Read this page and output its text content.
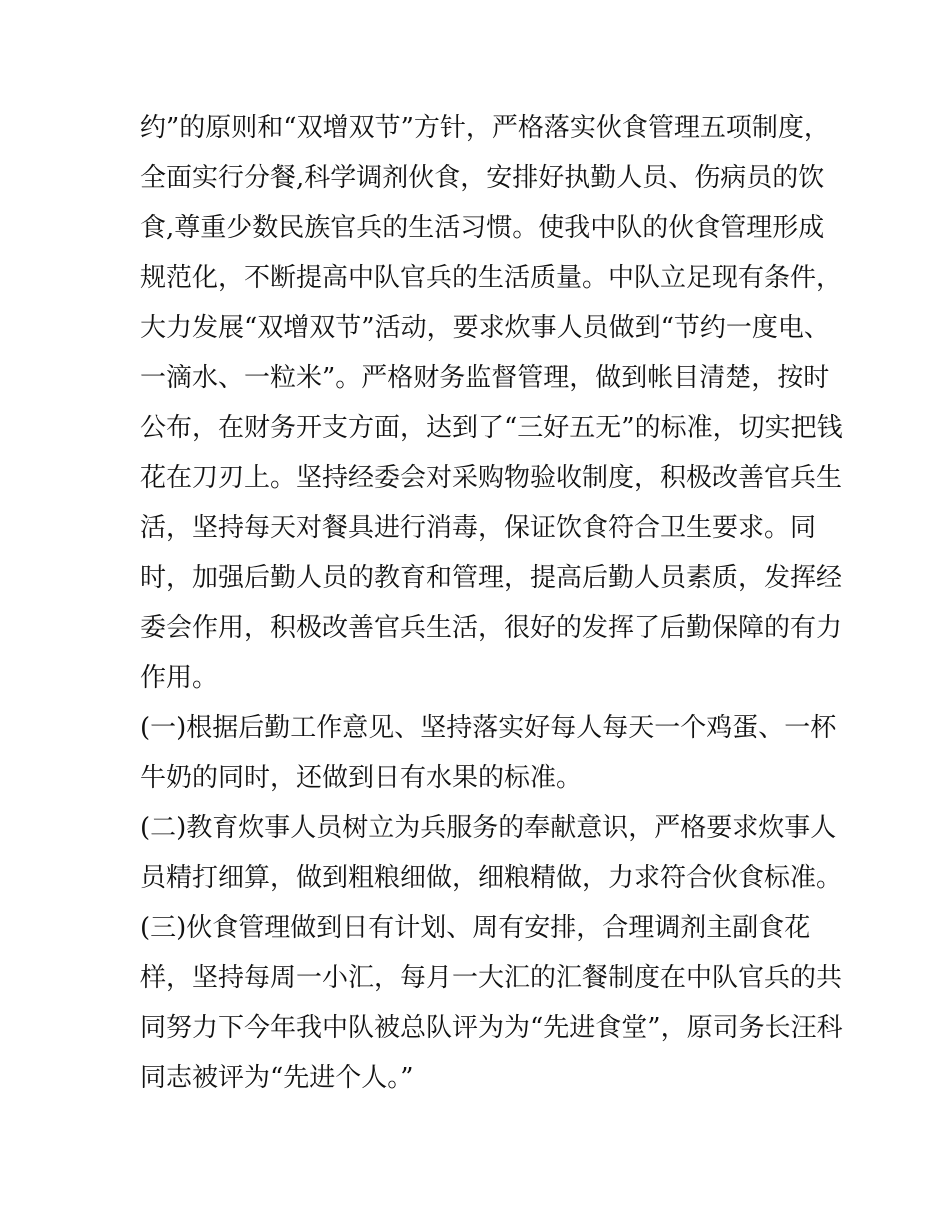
约”的原则和“双增双节”方针，严格落实伙食管理五项制度，
全面实行分餐,科学调剂伙食，安排好执勤人员、伤病员的饮
食,尊重少数民族官兵的生活习惯。使我中队的伙食管理形成
规范化，不断提高中队官兵的生活质量。中队立足现有条件，
大力发展“双增双节”活动，要求炊事人员做到“节约一度电、
一滴水、一粒米”。严格财务监督管理，做到帐目清楚，按时
公布，在财务开支方面，达到了“三好五无”的标准，切实把钱
花在刀刃上。坚持经委会对采购物验收制度，积极改善官兵生
活，坚持每天对餐具进行消毒，保证饮食符合卫生要求。同
时，加强后勤人员的教育和管理，提高后勤人员素质，发挥经
委会作用，积极改善官兵生活，很好的发挥了后勤保障的有力
作用。

(一)根据后勤工作意见、坚持落实好每人每天一个鸡蛋、一杯
牛奶的同时，还做到日有水果的标准。

(二)教育炊事人员树立为兵服务的奉献意识，严格要求炊事人
员精打细算，做到粗粮细做，细粮精做，力求符合伙食标准。

(三)伙食管理做到日有计划、周有安排，合理调剂主副食花
样，坚持每周一小汇，每月一大汇的汇餐制度在中队官兵的共
同努力下今年我中队被总队评为为“先进食堂”，原司务长汪科
同志被评为“先进个人。”
